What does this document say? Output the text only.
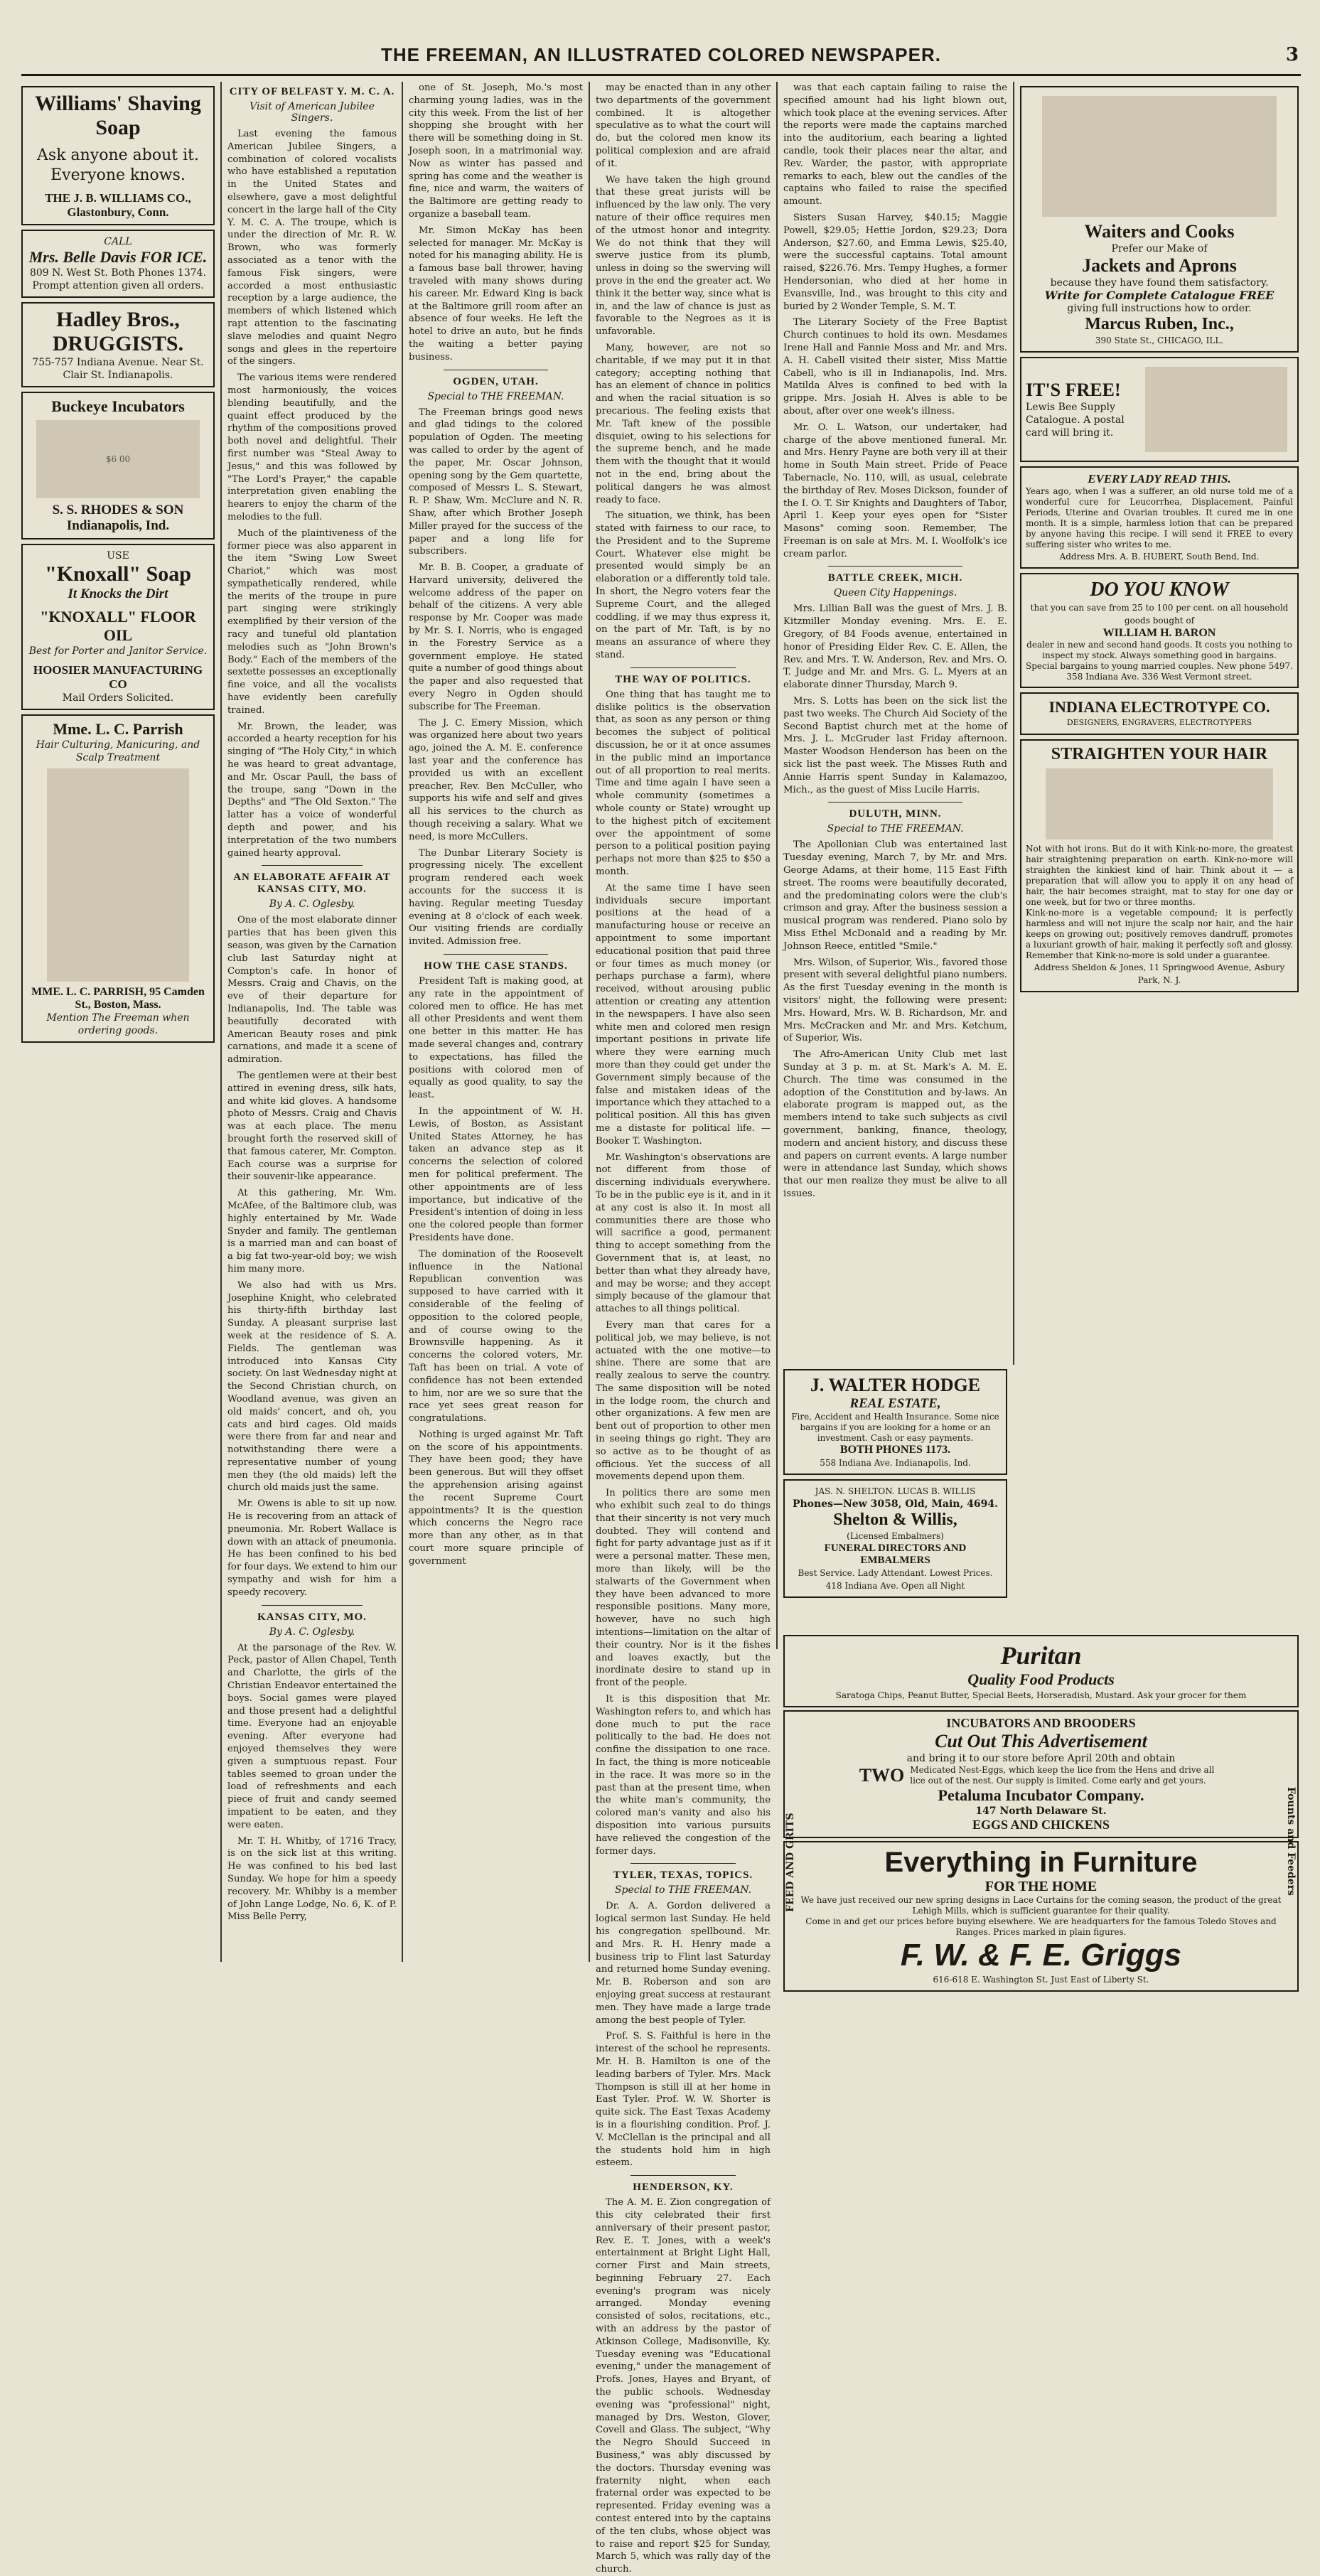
THE FREEMAN, AN ILLUSTRATED COLORED NEWSPAPER.	3
Williams' Shaving Soap
Ask anyone about it. Everyone knows.
THE J. B. WILLIAMS CO., Glastonbury, Conn.
CALL
Mrs. Belle Davis FOR ICE.
809 N. West St. Both Phones 1374. Prompt attention given all orders.
Hadley Bros., DRUGGISTS.
755-757 Indiana Avenue. Near St. Clair St. Indianapolis.
Buckeye Incubators
$6 00
S. S. RHODES & SON Indianapolis, Ind.
USE
"Knoxall" Soap
It Knocks the Dirt
"KNOXALL" FLOOR OIL
Best for Porter and Janitor Service.
HOOSIER MANUFACTURING CO
Mail Orders Solicited.
Mme. L. C. Parrish
Hair Culturing, Manicuring, and Scalp Treatment
MME. L. C. PARRISH, 95 Camden St., Boston, Mass.
Mention The Freeman when ordering goods.
CITY OF BELFAST Y. M. C. A.
Visit of American Jubilee Singers.

Last evening the famous American Jubilee Singers, a combination of colored vocalists who have established a reputation in the United States and elsewhere, gave a most delightful concert in the large hall of the City Y. M. C. A. The troupe, which is under the direction of Mr. R. W. Brown, who was formerly associated as a tenor with the famous Fisk singers, were accorded a most enthusiastic reception by a large audience, the members of which listened which rapt attention to the fascinating slave melodies and quaint Negro songs and glees in the repertoire of the singers.

The various items were rendered most harmoniously, the voices blending beautifully, and the quaint effect produced by the rhythm of the compositions proved both novel and delightful. Their first number was "Steal Away to Jesus," and this was followed by "The Lord's Prayer," the capable interpretation given enabling the hearers to enjoy the charm of the melodies to the full.

Much of the plaintiveness of the former piece was also apparent in the item "Swing Low Sweet Chariot," which was most sympathetically rendered, while the merits of the troupe in pure part singing were strikingly exemplified by their version of the racy and tuneful old plantation melodies such as "John Brown's Body." Each of the members of the sextette possesses an exceptionally fine voice, and all the vocalists have evidently been carefully trained.

Mr. Brown, the leader, was accorded a hearty reception for his singing of "The Holy City," in which he was heard to great advantage, and Mr. Oscar Paull, the bass of the troupe, sang "Down in the Depths" and "The Old Sexton." The latter has a voice of wonderful depth and power, and his interpretation of the two numbers gained hearty approval.

AN ELABORATE AFFAIR AT KANSAS CITY, MO.
By A. C. Oglesby.

One of the most elaborate dinner parties that has been given this season, was given by the Carnation club last Saturday night at Compton's cafe. In honor of Messrs. Craig and Chavis, on the eve of their departure for Indianapolis, Ind. The table was beautifully decorated with American Beauty roses and pink carnations, and made it a scene of admiration.

The gentlemen were at their best attired in evening dress, silk hats, and white kid gloves. A handsome photo of Messrs. Craig and Chavis was at each place. The menu brought forth the reserved skill of that famous caterer, Mr. Compton. Each course was a surprise for their souvenir-like appearance.

At this gathering, Mr. Wm. McAfee, of the Baltimore club, was highly entertained by Mr. Wade Snyder and family. The gentleman is a married man and can boast of a big fat two-year-old boy; we wish him many more.

We also had with us Mrs. Josephine Knight, who celebrated his thirty-fifth birthday last Sunday. A pleasant surprise last week at the residence of S. A. Fields. The gentleman was introduced into Kansas City society. On last Wednesday night at the Second Christian church, on Woodland avenue, was given an old maids' concert, and oh, you cats and bird cages. Old maids were there from far and near and notwithstanding there were a representative number of young men they (the old maids) left the church old maids just the same.

Mr. Owens is able to sit up now. He is recovering from an attack of pneumonia. Mr. Robert Wallace is down with an attack of pneumonia. He has been confined to his bed for four days. We extend to him our sympathy and wish for him a speedy recovery.

KANSAS CITY, MO.
By A. C. Oglesby.

At the parsonage of the Rev. W. Peck, pastor of Allen Chapel, Tenth and Charlotte, the girls of the Christian Endeavor entertained the boys. Social games were played and those present had a delightful time. Everyone had an enjoyable evening. After everyone had enjoyed themselves they were given a sumptuous repast. Four tables seemed to groan under the load of refreshments and each piece of fruit and candy seemed impatient to be eaten, and they were eaten.

Mr. T. H. Whitby, of 1716 Tracy, is on the sick list at this writing. He was confined to his bed last Sunday. We hope for him a speedy recovery. Mr. Whibby is a member of John Lange Lodge, No. 6, K. of P. Miss Belle Perry,

one of St. Joseph, Mo.'s most charming young ladies, was in the city this week. From the list of her shopping she brought with her there will be something doing in St. Joseph soon, in a matrimonial way. Now as winter has passed and spring has come and the weather is fine, nice and warm, the waiters of the Baltimore are getting ready to organize a baseball team.

Mr. Simon McKay has been selected for manager. Mr. McKay is noted for his managing ability. He is a famous base ball thrower, having traveled with many shows during his career. Mr. Edward King is back at the Baltimore grill room after an absence of four weeks. He left the hotel to drive an auto, but he finds the waiting a better paying business.

OGDEN, UTAH.
Special to THE FREEMAN.

The Freeman brings good news and glad tidings to the colored population of Ogden. The meeting was called to order by the agent of the paper, Mr. Oscar Johnson, opening song by the Gem quartette, composed of Messrs L. S. Stewart, R. P. Shaw, Wm. McClure and N. R. Shaw, after which Brother Joseph Miller prayed for the success of the paper and a long life for subscribers.

Mr. B. B. Cooper, a graduate of Harvard university, delivered the welcome address of the paper on behalf of the citizens. A very able response by Mr. Cooper was made by Mr. S. I. Norris, who is engaged in the Forestry Service as a government employe. He stated quite a number of good things about the paper and also requested that every Negro in Ogden should subscribe for The Freeman.

The J. C. Emery Mission, which was organized here about two years ago, joined the A. M. E. conference last year and the conference has provided us with an excellent preacher, Rev. Ben McCuller, who supports his wife and self and gives all his services to the church as though receiving a salary. What we need, is more McCullers.

The Dunbar Literary Society is progressing nicely. The excellent program rendered each week accounts for the success it is having. Regular meeting Tuesday evening at 8 o'clock of each week. Our visiting friends are cordially invited. Admission free.

HOW THE CASE STANDS.

President Taft is making good, at any rate in the appointment of colored men to office. He has met all other Presidents and went them one better in this matter. He has made several changes and, contrary to expectations, has filled the positions with colored men of equally as good quality, to say the least.

In the appointment of W. H. Lewis, of Boston, as Assistant United States Attorney, he has taken an advance step as it concerns the selection of colored men for political preferment. The other appointments are of less importance, but indicative of the President's intention of doing in less one the colored people than former Presidents have done.

The domination of the Roosevelt influence in the National Republican convention was supposed to have carried with it considerable of the feeling of opposition to the colored people, and of course owing to the Brownsville happening. As it concerns the colored voters, Mr. Taft has been on trial. A vote of confidence has not been extended to him, nor are we so sure that the race yet sees great reason for congratulations.

Nothing is urged against Mr. Taft on the score of his appointments. They have been good; they have been generous. But will they offset the apprehension arising against the recent Supreme Court appointments? It is the question which concerns the Negro race more than any other, as in that court more square principle of government

may be enacted than in any other two departments of the government combined. It is altogether speculative as to what the court will do, but the colored men know its political complexion and are afraid of it.

We have taken the high ground that these great jurists will be influenced by the law only. The very nature of their office requires men of the utmost honor and integrity. We do not think that they will swerve justice from its plumb, unless in doing so the swerving will prove in the end the greater act. We think it the better way, since what is in, and the law of chance is just as favorable to the Negroes as it is unfavorable.

Many, however, are not so charitable, if we may put it in that category; accepting nothing that has an element of chance in politics and when the racial situation is so precarious. The feeling exists that Mr. Taft knew of the possible disquiet, owing to his selections for the supreme bench, and he made them with the thought that it would not in the end, bring about the political dangers he was almost ready to face.

The situation, we think, has been stated with fairness to our race, to the President and to the Supreme Court. Whatever else might be presented would simply be an elaboration or a differently told tale. In short, the Negro voters fear the Supreme Court, and the alleged coddling, if we may thus express it, on the part of Mr. Taft, is by no means an assurance of where they stand.

THE WAY OF POLITICS.

One thing that has taught me to dislike politics is the observation that, as soon as any person or thing becomes the subject of political discussion, he or it at once assumes in the public mind an importance out of all proportion to real merits. Time and time again I have seen a whole community (sometimes a whole county or State) wrought up to the highest pitch of excitement over the appointment of some person to a political position paying perhaps not more than $25 to $50 a month.

At the same time I have seen individuals secure important positions at the head of a manufacturing house or receive an appointment to some important educational position that paid three or four times as much money (or perhaps purchase a farm), where received, without arousing public attention or creating any attention in the newspapers. I have also seen white men and colored men resign important positions in private life where they were earning much more than they could get under the Government simply because of the false and mistaken ideas of the importance which they attached to a political position. All this has given me a distaste for political life. — Booker T. Washington.

Mr. Washington's observations are not different from those of discerning individuals everywhere. To be in the public eye is it, and in it at any cost is also it. In most all communities there are those who will sacrifice a good, permanent thing to accept something from the Government that is, at least, no better than what they already have, and may be worse; and they accept simply because of the glamour that attaches to all things political.

Every man that cares for a political job, we may believe, is not actuated with the one motive—to shine. There are some that are really zealous to serve the country. The same disposition will be noted in the lodge room, the church and other organizations. A few men are bent out of proportion to other men in seeing things go right. They are so active as to be thought of as officious. Yet the success of all movements depend upon them.

In politics there are some men who exhibit such zeal to do things that their sincerity is not very much doubted. They will contend and fight for party advantage just as if it were a personal matter. These men, more than likely, will be the stalwarts of the Government when they have been advanced to more responsible positions. Many more, however, have no such high intentions—limitation on the altar of their country. Nor is it the fishes and loaves exactly, but the inordinate desire to stand up in front of the people.

It is this disposition that Mr. Washington refers to, and which has done much to put the race politically to the bad. He does not confine the dissipation to one race. In fact, the thing is more noticeable in the race. It was more so in the past than at the present time, when the white man's community, the colored man's vanity and also his disposition into various pursuits have relieved the congestion of the former days.

TYLER, TEXAS, TOPICS.
Special to THE FREEMAN.

Dr. A. A. Gordon delivered a logical sermon last Sunday. He held his congregation spellbound. Mr. and Mrs. R. H. Henry made a business trip to Flint last Saturday and returned home Sunday evening. Mr. B. Roberson and son are enjoying great success at restaurant men. They have made a large trade among the best people of Tyler.

Prof. S. S. Faithful is here in the interest of the school he represents. Mr. H. B. Hamilton is one of the leading barbers of Tyler. Mrs. Mack Thompson is still ill at her home in East Tyler. Prof. W. W. Shorter is quite sick. The East Texas Academy is in a flourishing condition. Prof. J. V. McClellan is the principal and all the students hold him in high esteem.

HENDERSON, KY.

The A. M. E. Zion congregation of this city celebrated their first anniversary of their present pastor, Rev. E. T. Jones, with a week's entertainment at Bright Light Hall, corner First and Main streets, beginning February 27. Each evening's program was nicely arranged. Monday evening consisted of solos, recitations, etc., with an address by the pastor of Atkinson College, Madisonville, Ky. Tuesday evening was "Educational evening," under the management of Profs. Jones, Hayes and Bryant, of the public schools. Wednesday evening was "professional" night, managed by Drs. Weston, Glover, Covell and Glass. The subject, "Why the Negro Should Succeed in Business," was ably discussed by the doctors. Thursday evening was fraternity night, when each fraternal order was expected to be represented. Friday evening was a contest entered into by the captains of the ten clubs, whose object was to raise and report $25 for Sunday, March 5, which was rally day of the church.

was that each captain failing to raise the specified amount had his light blown out, which took place at the evening services. After the reports were made the captains marched into the auditorium, each bearing a lighted candle, took their places near the altar, and Rev. Warder, the pastor, with appropriate remarks to each, blew out the candles of the captains who failed to raise the specified amount.

Sisters Susan Harvey, $40.15; Maggie Powell, $29.05; Hettie Jordon, $29.23; Dora Anderson, $27.60, and Emma Lewis, $25.40, were the successful captains. Total amount raised, $226.76. Mrs. Tempy Hughes, a former Hendersonian, who died at her home in Evansville, Ind., was brought to this city and buried by 2 Wonder Temple, S. M. T.

The Literary Society of the Free Baptist Church continues to hold its own. Mesdames Irene Hall and Fannie Moss and Mr. and Mrs. A. H. Cabell visited their sister, Miss Mattie Cabell, who is ill in Indianapolis, Ind. Mrs. Matilda Alves is confined to bed with la grippe. Mrs. Josiah H. Alves is able to be about, after over one week's illness.

Mr. O. L. Watson, our undertaker, had charge of the above mentioned funeral. Mr. and Mrs. Henry Payne are both very ill at their home in South Main street. Pride of Peace Tabernacle, No. 110, will, as usual, celebrate the birthday of Rev. Moses Dickson, founder of the I. O. T. Sir Knights and Daughters of Tabor, April 1. Keep your eyes open for "Sister Masons" coming soon. Remember, The Freeman is on sale at Mrs. M. I. Woolfolk's ice cream parlor.

BATTLE CREEK, MICH.
Queen City Happenings.

Mrs. Lillian Ball was the guest of Mrs. J. B. Kitzmiller Monday evening. Mrs. E. E. Gregory, of 84 Foods avenue, entertained in honor of Presiding Elder Rev. C. E. Allen, the Rev. and Mrs. T. W. Anderson, Rev. and Mrs. O. T. Judge and Mr. and Mrs. G. L. Myers at an elaborate dinner Thursday, March 9.

Mrs. S. Lotts has been on the sick list the past two weeks. The Church Aid Society of the Second Baptist church met at the home of Mrs. J. L. McGruder last Friday afternoon. Master Woodson Henderson has been on the sick list the past week. The Misses Ruth and Annie Harris spent Sunday in Kalamazoo, Mich., as the guest of Miss Lucile Harris.

DULUTH, MINN.
Special to THE FREEMAN.

The Apollonian Club was entertained last Tuesday evening, March 7, by Mr. and Mrs. George Adams, at their home, 115 East Fifth street. The rooms were beautifully decorated, and the predominating colors were the club's crimson and gray. After the business session a musical program was rendered. Piano solo by Miss Ethel McDonald and a reading by Mr. Johnson Reece, entitled "Smile."

Mrs. Wilson, of Superior, Wis., favored those present with several delightful piano numbers. As the first Tuesday evening in the month is visitors' night, the following were present: Mrs. Howard, Mrs. W. B. Richardson, Mr. and Mrs. McCracken and Mr. and Mrs. Ketchum, of Superior, Wis.

The Afro-American Unity Club met last Sunday at 3 p. m. at St. Mark's A. M. E. Church. The time was consumed in the adoption of the Constitution and by-laws. An elaborate program is mapped out, as the members intend to take such subjects as civil government, banking, finance, theology, modern and ancient history, and discuss these and papers on current events. A large number were in attendance last Sunday, which shows that our men realize they must be alive to all issues.

J. WALTER HODGE
REAL ESTATE,
Fire, Accident and Health Insurance. Some nice bargains if you are looking for a home or an investment. Cash or easy payments.
BOTH PHONES 1173.
558 Indiana Ave. Indianapolis, Ind.
JAS. N. SHELTON. LUCAS B. WILLIS
Phones—New 3058, Old, Main, 4694.
Shelton & Willis,
(Licensed Embalmers)
FUNERAL DIRECTORS AND EMBALMERS
Best Service. Lady Attendant. Lowest Prices.
418 Indiana Ave. Open all Night
Waiters and Cooks
Prefer our Make of
Jackets and Aprons
because they have found them satisfactory.
Write for Complete Catalogue FREE
giving full instructions how to order.
Marcus Ruben, Inc.,
390 State St., CHICAGO, ILL.
IT'S FREE!
Lewis Bee Supply Catalogue. A postal card will bring it.
EVERY LADY READ THIS.
Years ago, when I was a sufferer, an old nurse told me of a wonderful cure for Leucorrhea, Displacement, Painful Periods, Uterine and Ovarian troubles. It cured me in one month. It is a simple, harmless lotion that can be prepared by anyone having this recipe. I will send it FREE to every suffering sister who writes to me.
Address Mrs. A. B. HUBERT, South Bend, Ind.
DO YOU KNOW
that you can save from 25 to 100 per cent. on all household goods bought of
WILLIAM H. BARON
dealer in new and second hand goods. It costs you nothing to inspect my stock. Always something good in bargains. Special bargains to young married couples. New phone 5497. 358 Indiana Ave. 336 West Vermont street.
INDIANA ELECTROTYPE CO.
DESIGNERS, ENGRAVERS, ELECTROTYPERS
STRAIGHTEN YOUR HAIR
Not with hot irons. But do it with Kink-no-more, the greatest hair straightening preparation on earth. Kink-no-more will straighten the kinkiest kind of hair. Think about it — a preparation that will allow you to apply it on any head of hair, the hair becomes straight, mat to stay for one day or one week, but for two or three months.
Kink-no-more is a vegetable compound; it is perfectly harmless and will not injure the scalp nor hair, and the hair keeps on growing out; positively removes dandruff, promotes a luxuriant growth of hair, making it perfectly soft and glossy. Remember that Kink-no-more is sold under a guarantee.
Address Sheldon & Jones, 11 Springwood Avenue, Asbury Park, N. J.
Puritan
Quality Food Products
Saratoga Chips, Peanut Butter, Special Beets, Horseradish, Mustard. Ask your grocer for them
INCUBATORS AND BROODERS
Cut Out This Advertisement
and bring it to our store before April 20th and obtain
TWO Medicated Nest-Eggs, which keep the lice from the Hens and drive all lice out of the nest. Our supply is limited. Come early and get yours.
Petaluma Incubator Company.
147 North Delaware St.
EGGS AND CHICKENS
Everything in Furniture
FOR THE HOME
We have just received our new spring designs in Lace Curtains for the coming season, the product of the great Lehigh Mills, which is sufficient guarantee for their quality.
Come in and get our prices before buying elsewhere. We are headquarters for the famous Toledo Stoves and Ranges. Prices marked in plain figures.
F. W. & F. E. Griggs
616-618 E. Washington St. Just East of Liberty St.
FEED AND GRITS	Founts and Feeders
